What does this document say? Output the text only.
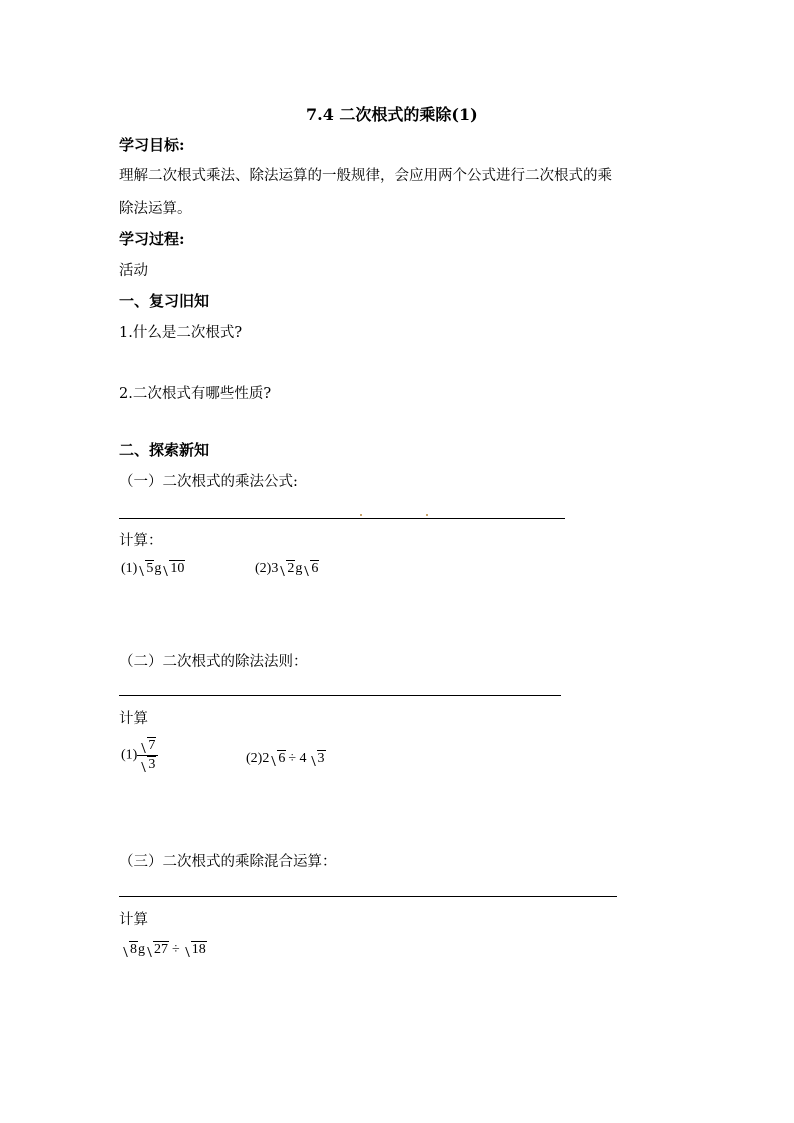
7.4 二次根式的乘除(1)
学习目标:
理解二次根式乘法、除法运算的一般规律，会应用两个公式进行二次根式的乘
除法运算。
学习过程:
活动
一、复习旧知
1.什么是二次根式?
2.二次根式有哪些性质?
二、探索新知
（一）二次根式的乘法公式:
计算：
(1) 5g 10	(2)3 2g 6
（二）二次根式的除法法则：
计算
$(1) \frac{7}{3}$	(2)2 6 ÷ 4 3
（三）二次根式的乘除混合运算：
计算
8g 27 ÷ 18
